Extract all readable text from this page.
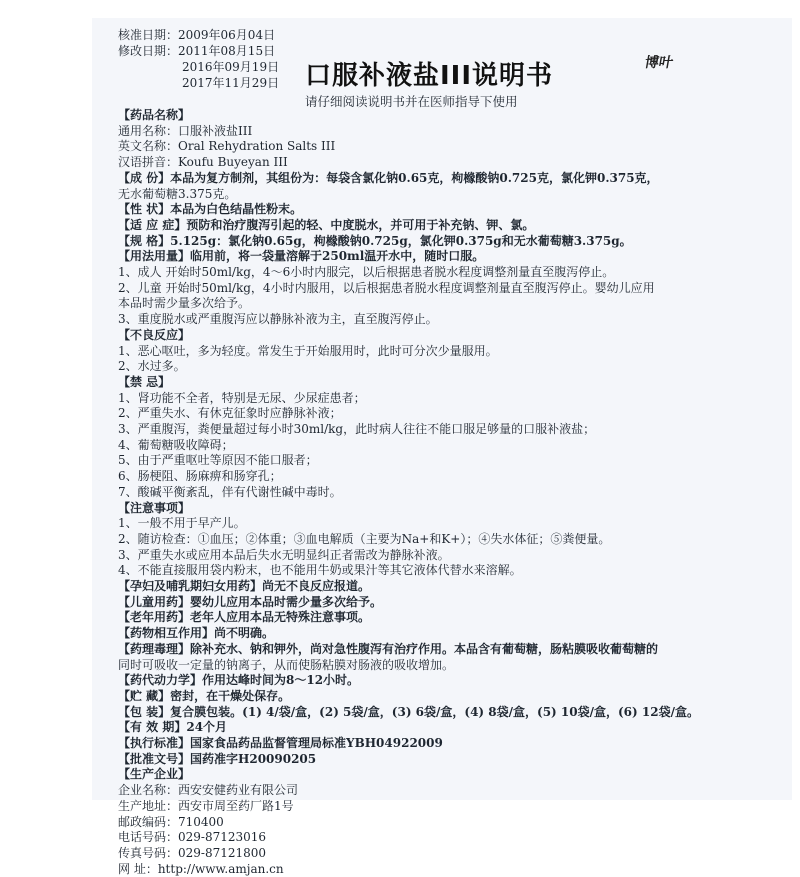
核准日期：2009年06月04日
修改日期：2011年08月15日
2016年09月19日
2017年11月29日 口服补液盐III说明书
请仔细阅读说明书并在医师指导下使用
博叶
【药品名称】
通用名称：口服补液盐III
英文名称：Oral Rehydration Salts III
汉语拼音：Koufu Buyeyan III
【成 份】本品为复方制剂，其组份为：每袋含氯化钠0.65克，枸橼酸钠0.725克，氯化钾0.375克，
无水葡萄糖3.375克。
【性 状】本品为白色结晶性粉末。
【适 应 症】预防和治疗腹泻引起的轻、中度脱水，并可用于补充钠、钾、氯。
【规 格】5.125g：氯化钠0.65g，枸橼酸钠0.725g，氯化钾0.375g和无水葡萄糖3.375g。
【用法用量】临用前，将一袋量溶解于250ml温开水中，随时口服。
1、成人 开始时50ml/kg，4～6小时内服完，以后根据患者脱水程度调整剂量直至腹泻停止。
2、儿童 开始时50ml/kg，4小时内服用，以后根据患者脱水程度调整剂量直至腹泻停止。婴幼儿应用
本品时需少量多次给予。
3、重度脱水或严重腹泻应以静脉补液为主，直至腹泻停止。
【不良反应】
1、恶心呕吐，多为轻度。常发生于开始服用时，此时可分次少量服用。
2、水过多。
【禁 忌】
1、肾功能不全者，特别是无尿、少尿症患者；
2、严重失水、有休克征象时应静脉补液；
3、严重腹泻，粪便量超过每小时30ml/kg，此时病人往往不能口服足够量的口服补液盐；
4、葡萄糖吸收障碍；
5、由于严重呕吐等原因不能口服者；
6、肠梗阻、肠麻痹和肠穿孔；
7、酸碱平衡紊乱，伴有代谢性碱中毒时。
【注意事项】
1、一般不用于早产儿。
2、随访检查：①血压；②体重；③血电解质（主要为Na+和K+）；④失水体征；⑤粪便量。
3、严重失水或应用本品后失水无明显纠正者需改为静脉补液。
4、不能直接服用袋内粉末，也不能用牛奶或果汁等其它液体代替水来溶解。
【孕妇及哺乳期妇女用药】尚无不良反应报道。
【儿童用药】婴幼儿应用本品时需少量多次给予。
【老年用药】老年人应用本品无特殊注意事项。
【药物相互作用】尚不明确。
【药理毒理】除补充水、钠和钾外，尚对急性腹泻有治疗作用。本品含有葡萄糖，肠粘膜吸收葡萄糖的
同时可吸收一定量的钠离子，从而使肠粘膜对肠液的吸收增加。
【药代动力学】作用达峰时间为8～12小时。
【贮 藏】密封，在干燥处保存。
【包 装】复合膜包装。(1) 4/袋/盒，(2) 5袋/盒，(3) 6袋/盒，(4) 8袋/盒，(5) 10袋/盒，(6) 12袋/盒。
【有 效 期】24个月
【执行标准】国家食品药品监督管理局标准YBH04922009
【批准文号】国药准字H20090205
【生产企业】
企业名称：西安安健药业有限公司
生产地址：西安市周至药厂路1号
邮政编码：710400
电话号码：029-87123016
传真号码：029-87121800
网 址：http://www.amjan.cn
